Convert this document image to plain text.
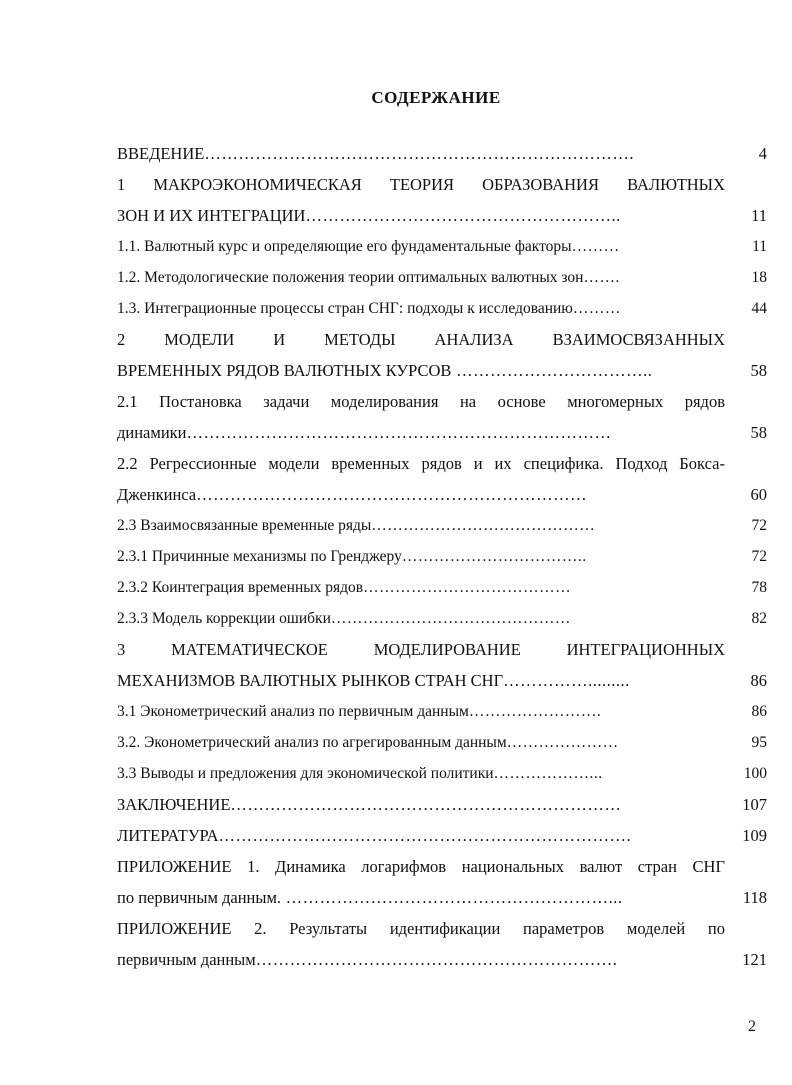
СОДЕРЖАНИЕ
ВВЕДЕНИЕ………………………………………………………………….	4
1 МАКРОЭКОНОМИЧЕСКАЯ ТЕОРИЯ ОБРАЗОВАНИЯ ВАЛЮТНЫХ
ЗОН И ИХ ИНТЕГРАЦИИ………………………………………………..	11
1.1. Валютный курс и определяющие его фундаментальные факторы………	11
1.2. Методологические положения теории оптимальных валютных зон…….	18
1.3. Интеграционные процессы стран СНГ: подходы к исследованию………	44
2 МОДЕЛИ И МЕТОДЫ АНАЛИЗА ВЗАИМОСВЯЗАННЫХ
ВРЕМЕННЫХ РЯДОВ ВАЛЮТНЫХ КУРСОВ ……………………………..	58
2.1 Постановка задачи моделирования на основе многомерных рядов
динамики…………………………………………………………………	58
2.2 Регрессионные модели временных рядов и их специфика. Подход Бокса-
Дженкинса……………………………………………………………	60
2.3 Взаимосвязанные временные ряды……………………………………	72
2.3.1 Причинные механизмы по Гренджеру……………………………..	72
2.3.2 Коинтеграция временных рядов…………………………………	78
2.3.3 Модель коррекции ошибки………………………………………	82
3 МАТЕМАТИЧЕСКОЕ МОДЕЛИРОВАНИЕ ИНТЕГРАЦИОННЫХ
МЕХАНИЗМОВ ВАЛЮТНЫХ РЫНКОВ СТРАН СНГ…………….........	86
3.1 Эконометрический анализ по первичным данным…………………….	86
3.2. Эконометрический анализ по агрегированным данным…………………	95
3.3 Выводы и предложения для экономической политики………………...	100
ЗАКЛЮЧЕНИЕ……………………………………………………………	107
ЛИТЕРАТУРА……………………………………………………………….	109
ПРИЛОЖЕНИЕ 1. Динамика логарифмов национальных валют стран СНГ
по первичным данным. …………………………………………………...	118
ПРИЛОЖЕНИЕ 2. Результаты идентификации параметров моделей по
первичным данным……………………………………………………….	121
2
